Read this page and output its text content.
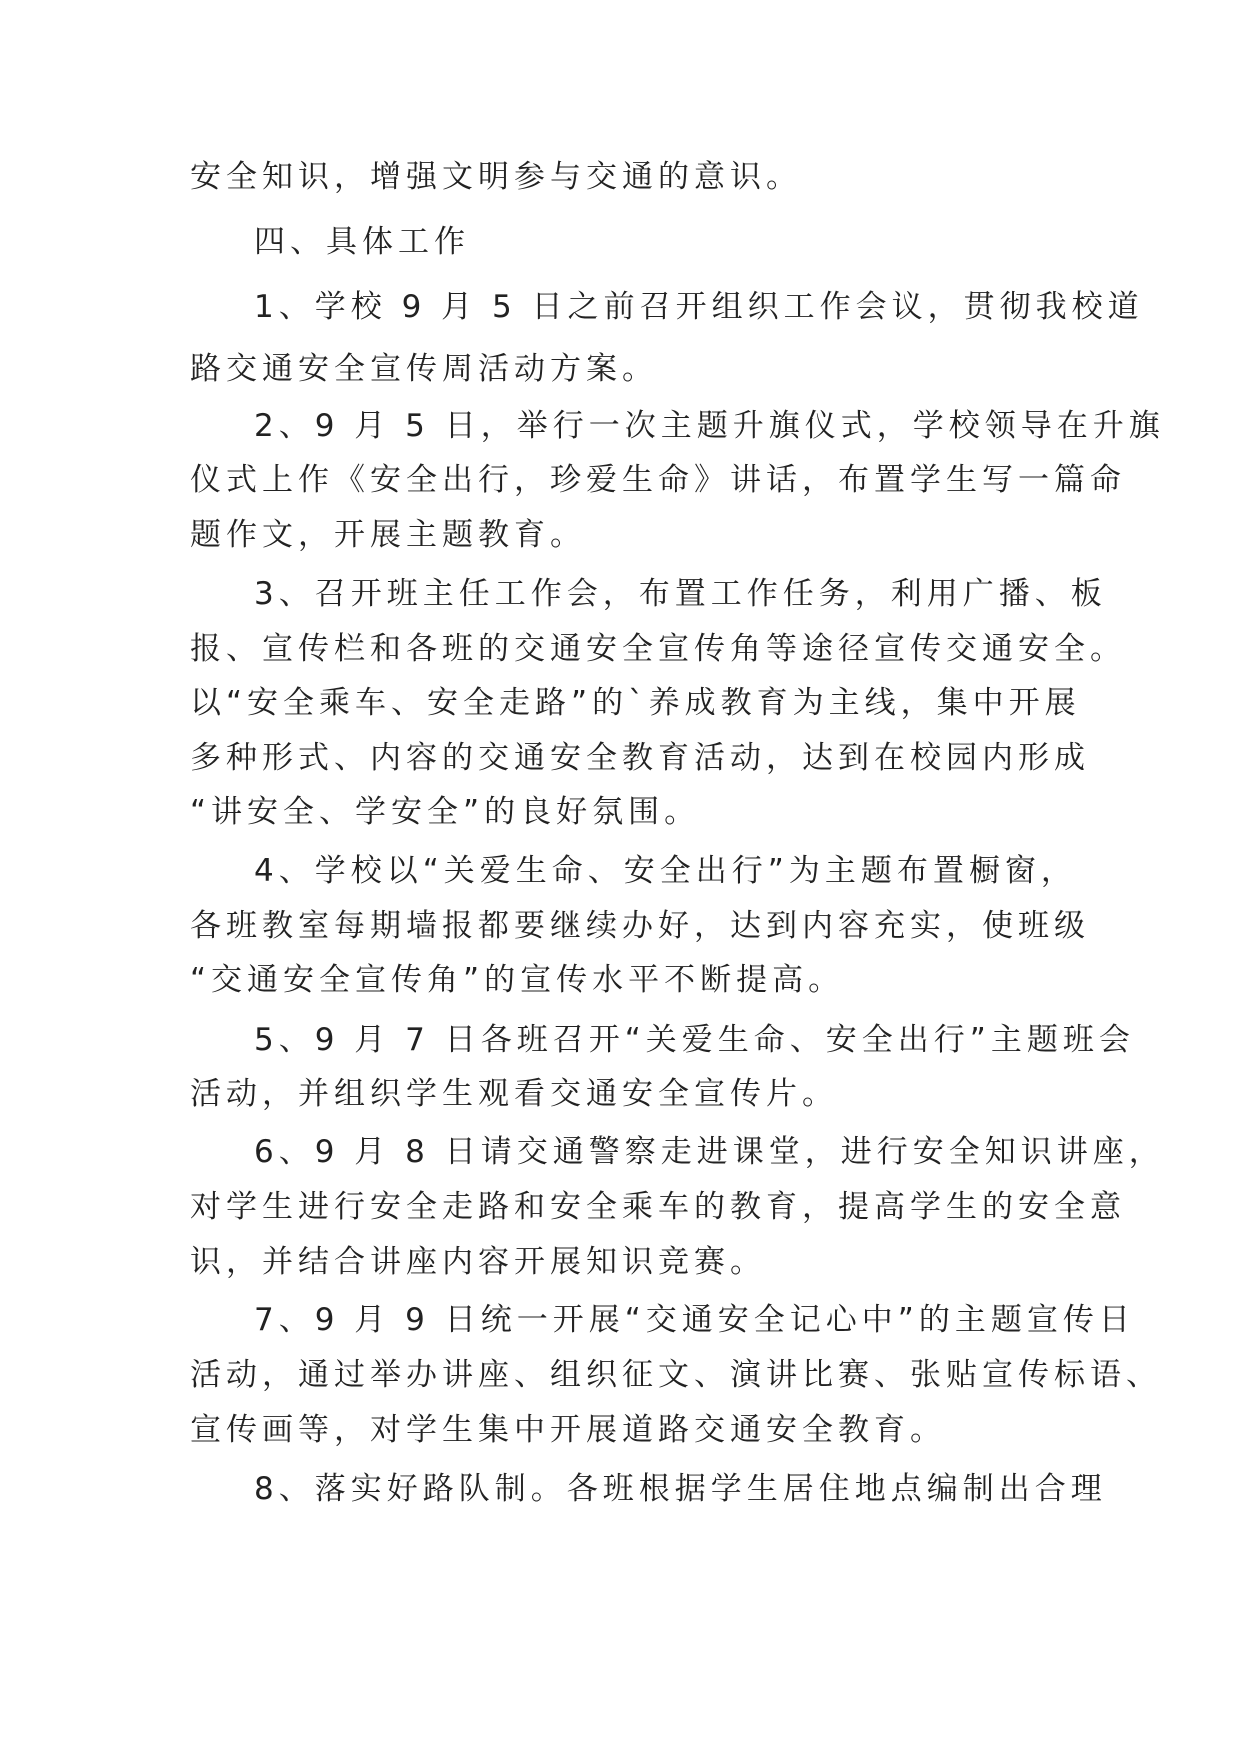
安全知识，增强文明参与交通的意识。
四、具体工作
1、学校 9 月 5 日之前召开组织工作会议，贯彻我校道
路交通安全宣传周活动方案。
2、9 月 5 日，举行一次主题升旗仪式，学校领导在升旗
仪式上作《安全出行，珍爱生命》讲话，布置学生写一篇命
题作文，开展主题教育。
3、召开班主任工作会，布置工作任务，利用广播、板
报、宣传栏和各班的交通安全宣传角等途径宣传交通安全。
以“安全乘车、安全走路”的`养成教育为主线，集中开展
多种形式、内容的交通安全教育活动，达到在校园内形成
“讲安全、学安全”的良好氛围。
4、学校以“关爱生命、安全出行”为主题布置橱窗，
各班教室每期墙报都要继续办好，达到内容充实，使班级
“交通安全宣传角”的宣传水平不断提高。
5、9 月 7 日各班召开“关爱生命、安全出行”主题班会
活动，并组织学生观看交通安全宣传片。
6、9 月 8 日请交通警察走进课堂，进行安全知识讲座，
对学生进行安全走路和安全乘车的教育，提高学生的安全意
识，并结合讲座内容开展知识竞赛。
7、9 月 9 日统一开展“交通安全记心中”的主题宣传日
活动，通过举办讲座、组织征文、演讲比赛、张贴宣传标语、
宣传画等，对学生集中开展道路交通安全教育。
8、落实好路队制。各班根据学生居住地点编制出合理
